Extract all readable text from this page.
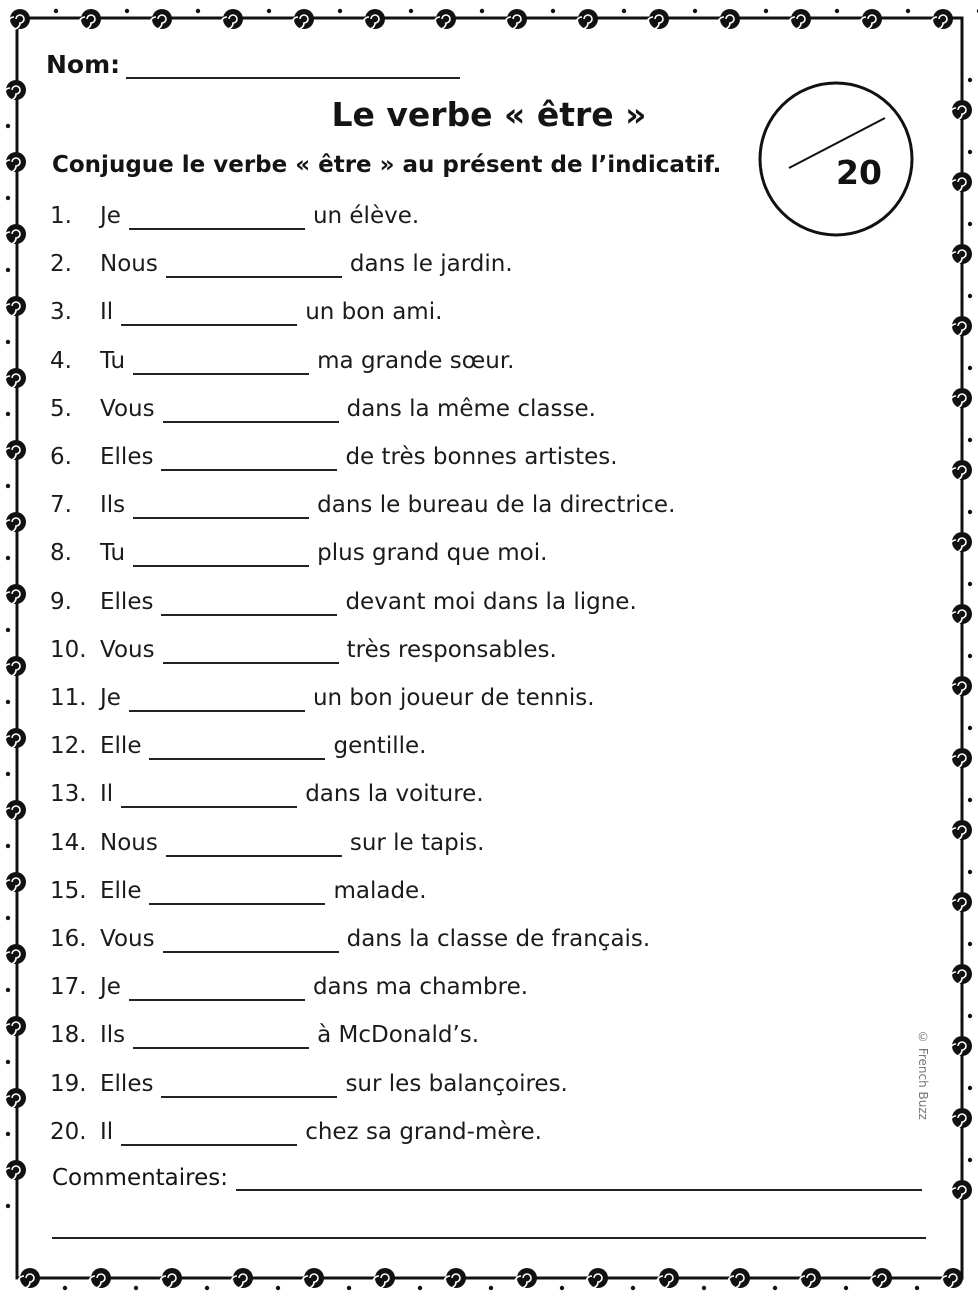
Nom:
Le verbe « être »
20
Conjugue le verbe « être » au présent de l’indicatif.
1.	Je	un élève.
2.	Nous	dans le jardin.
3.	Il	un bon ami.
4.	Tu	ma grande sœur.
5.	Vous	dans la même classe.
6.	Elles	de très bonnes artistes.
7.	Ils	dans le bureau de la directrice.
8.	Tu	plus grand que moi.
9.	Elles	devant moi dans la ligne.
10. Vous	très responsables.
11. Je	un bon joueur de tennis.
12. Elle	gentille.
13. Il	dans la voiture.
14. Nous	sur le tapis.
15. Elle	malade.
16. Vous	dans la classe de français.
17. Je	dans ma chambre.
18. Ils	à McDonald’s.
19. Elles	sur les balançoires.
20. Il	chez sa grand-mère.
Commentaires:
© French Buzz
